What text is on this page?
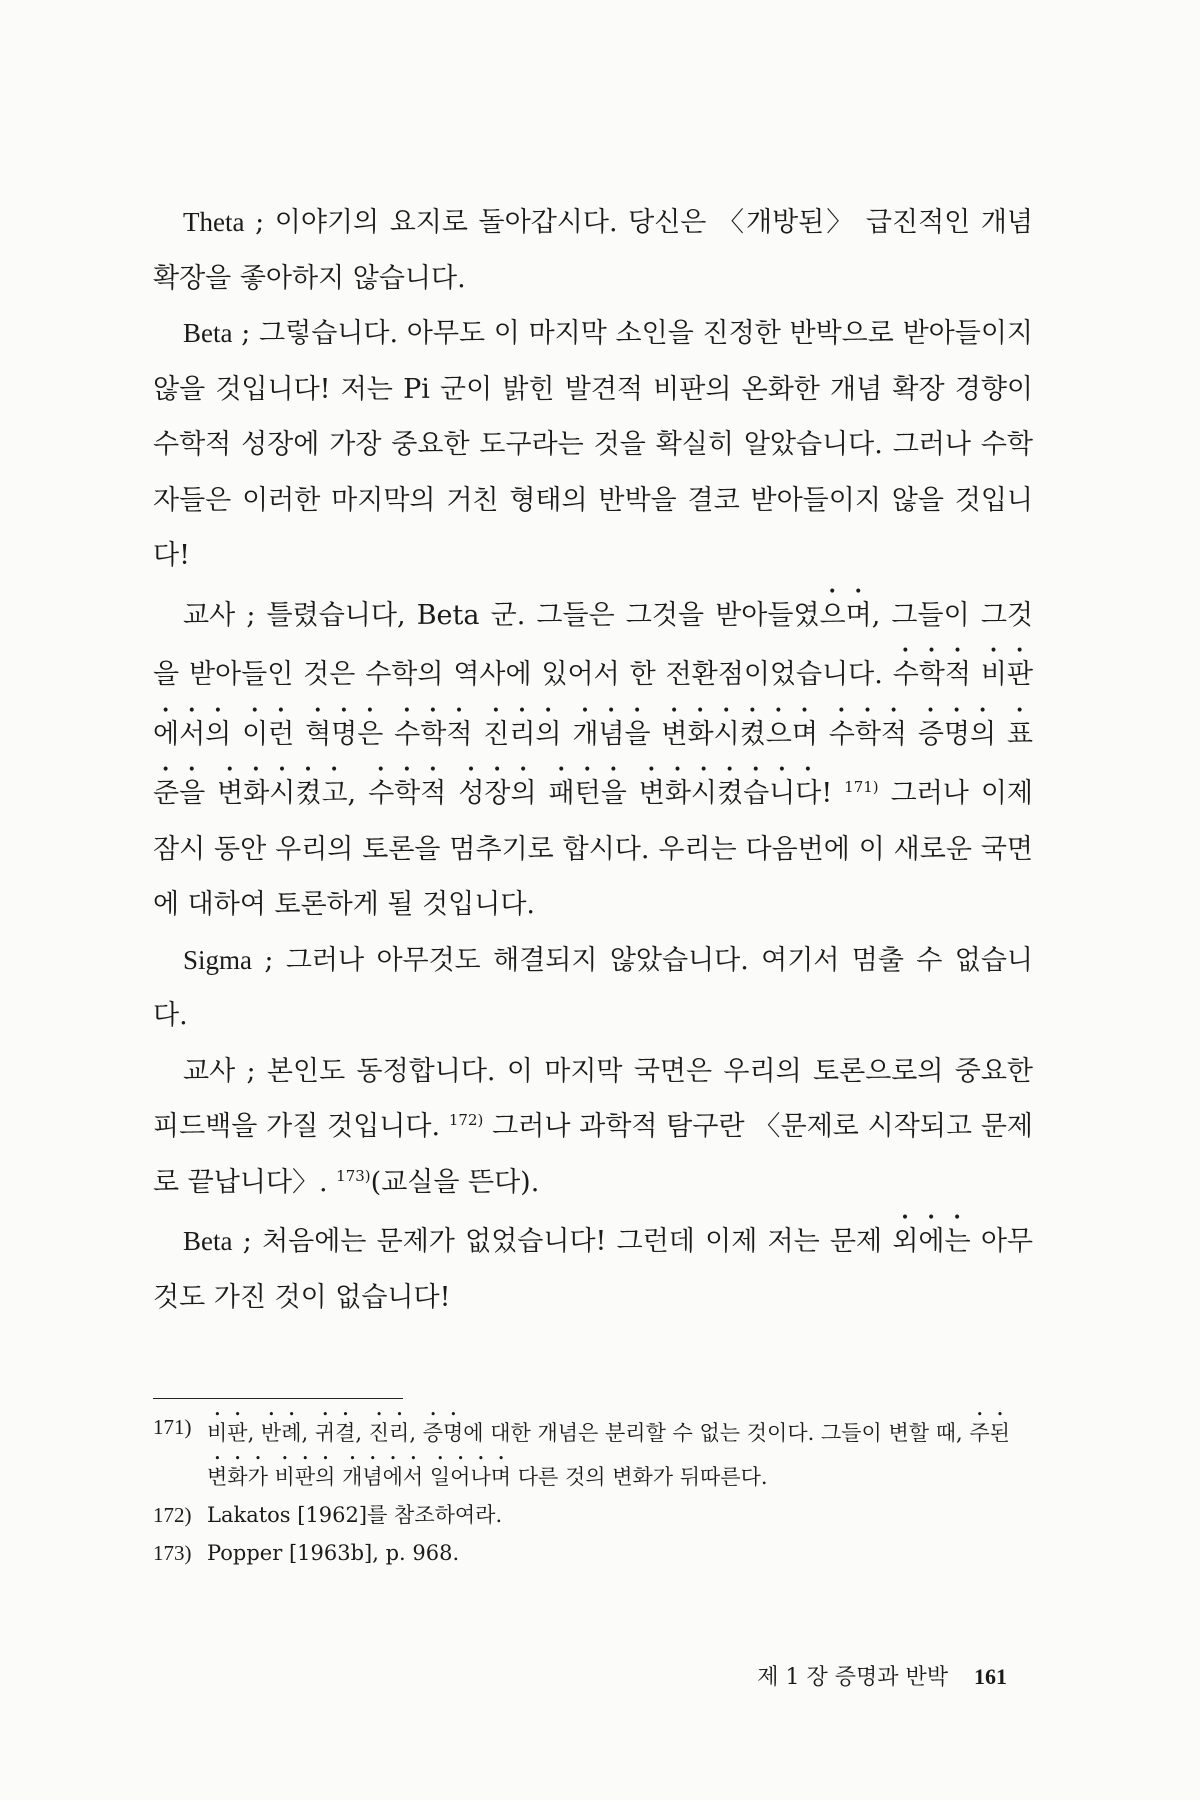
Theta ; 이야기의 요지로 돌아갑시다. 당신은 〈개방된〉 급진적인 개념 확장을 좋아하지 않습니다.

Beta ; 그렇습니다. 아무도 이 마지막 소인을 진정한 반박으로 받아들이지 않을 것입니다! 저는 Pi 군이 밝힌 발견적 비판의 온화한 개념 확장 경향이 수학적 성장에 가장 중요한 도구라는 것을 확실히 알았습니다. 그러나 수학자들은 이러한 마지막의 거친 형태의 반박을 결코 받아들이지 않을 것입니다!

교사 ; 틀렸습니다, Beta 군. 그들은 그것을 받아들였으며, 그들이 그것을 받아들인 것은 수학의 역사에 있어서 한 전환점이었습니다. 수학적 비판에서의 이런 혁명은 수학적 진리의 개념을 변화시켰으며 수학적 증명의 표준을 변화시켰고, 수학적 성장의 패턴을 변화시켰습니다! $^{171)}$ 그러나 이제 잠시 동안 우리의 토론을 멈추기로 합시다. 우리는 다음번에 이 새로운 국면에 대하여 토론하게 될 것입니다.

Sigma ; 그러나 아무것도 해결되지 않았습니다. 여기서 멈출 수 없습니다.

교사 ; 본인도 동정합니다. 이 마지막 국면은 우리의 토론으로의 중요한 피드백을 가질 것입니다. $^{172)}$ 그러나 과학적 탐구란 〈문제로 시작되고 문제로 끝납니다〉. $^{173)}$(교실을 뜬다).

Beta ; 처음에는 문제가 없었습니다! 그런데 이제 저는 문제 외에는 아무것도 가진 것이 없습니다!

171) 비판, 반례, 귀결, 진리, 증명에 대한 개념은 분리할 수 없는 것이다. 그들이 변할 때, 주된 변화가 비판의 개념에서 일어나며 다른 것의 변화가 뒤따른다.
172) Lakatos [1962]를 참조하여라.
173) Popper [1963b], p. 968.
제 1 장 증명과 반박 161
